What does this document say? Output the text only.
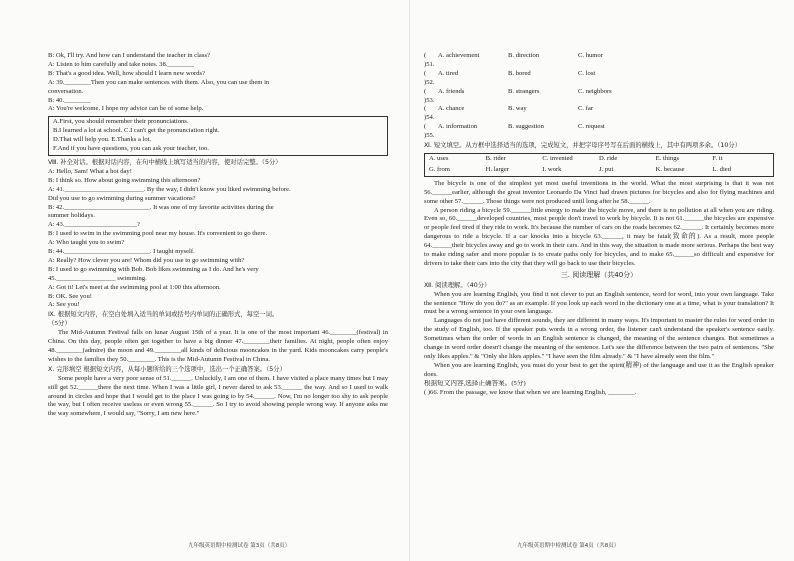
B: Ok, I'll try. And how can I understand the teacher in class?
A: Listen to him carefully and take notes. 38.________
B: That's a good idea. Well, how should I learn new words?
A: 39.________Then you can make sentences with them. Also, you can use them in
conversation.
B: 40.________
A: You're welcome. I hope my advice can be of some help.
A.First, you should remember their pronunciations.
B.I learned a lot at school. C.I can't get the pronunciation right.
D.That will help you. E.Thanks a lot.
F.And if you have questions, you can ask your teacher, too.
Ⅷ. 补全对话。根据对话内容，在句中横线上填写适当的内容，使对话完整。（5分）
A: Hello, Sam! What a hot day!
B: I think so. How about going swimming this afternoon?
A: 41.________________________. By the way, I didn't know you liked swimming before.
Did you use to go swimming during summer vacations?
B: 42.__________________________. It was one of my favorite activities during the
summer holidays.
A: 43.______________________?
B: I used to swim in the swimming pool near my house. It's convenient to go there.
A: Who taught you to swim?
B: 44.__________________________. I taught myself.
A: Really? How clever you are! Whom did you use to go swimming with?
B: I used to go swimming with Bob. Bob likes swimming as I do. And he's very
45.__________________ swimming.
A: Got it! Let's meet at the swimming pool at 1:00 this afternoon.
B: OK. See you!
A: See you!
Ⅸ. 根据短文内容，在空白处填入适当的单词或括号内单词的正确形式，每空一词。
（5分）
The Mid-Autumn Festival falls on lunar August 15th of a year. It is one of the most important 46.________(festival) in China. On this day, people often get together to have a big dinner 47.________their families. At night, people often enjoy 48.________(admire) the moon and 49.________all kinds of delicious mooncakes in the yard. Kids mooncakes carry people's wishes to the families they 50.________. This is the Mid-Autumn Festival in China.
Ⅹ. 完形填空 根据短文内容，从每小题所给的三个选项中，选出一个正确答案。（5分）
Some people have a very poor sense of 51.______. Unluckily, I am one of them. I have visited a place many times but I may still get 52.______there the next time. When I was a little girl, I never dared to ask 53.______ the way. And so I used to walk around in circles and hope that I would get to the place I was going to by 54.______. Now, I'm no longer too shy to ask people the way, but I often receive useless or even wrong 55.______. So I try to avoid showing people wrong way. If anyone asks me the way somewhere, I would say, "Sorry, I am new here."
九年级英语期中检测试卷 第3页（共8页）
( )51.
A. achievement	B. direction	C. humor
( )52.
A. tired	B. bored	C. lost
( )53.
A. friends	B. strangers	C. neighbors
( )54.
A. chance	B. way	C. far
( )55.
A. information	B. suggestion	C. request
Ⅺ. 短文填空。从方框中选择适当的选项，完成短文，并把字母序号写在后面的横线上，其中有两项多余。（10分）
A. uses	B. rider	C. invented	D. ride	E. things	F. it
G. from	H. larger	I. work	J. put	K. because	L. died
The bicycle is one of the simplest yet most useful inventions in the world. What the most surprising is that it was not 56.______earlier, although the great inventor Leonardo Da Vinci had drawn pictures for bicycles and also for flying machines and some other 57.______. Those things were not produced until long after he 58.______.
A person riding a bicycle 59.______little energy to make the bicycle move, and there is no pollution at all when you are riding. Even so, 60.______developed countries, most people don't travel to work by bicycle. It is not 61.______the bicycles are expensive or people feel tired if they ride to work. It's because the number of cars on the roads becomes 62.______. It certainly becomes more dangerous to ride a bicycle. If a car knocks into a bicycle 63.______, it may be fatal(致命的). As a result, more people 64.______their bicycles away and go to work in their cars. And in this way, the situation is made more serious. Perhaps the best way to make riding safer and more popular is to create paths only for bicycles, and to make 65.______so difficult and expensive for drivers to take their cars into the city that they will go back to use their bicycles.
三. 阅读理解（共40分）
Ⅻ. 阅读理解。（40分）
When you are learning English, you find it not clever to put an English sentence, word for word, into your own language. Take the sentence "How do you do?" as an example. If you look up each word in the dictionary one at a time, what is your translation? It must be a wrong sentence in your own language.
Languages do not just have different sounds, they are different in many ways. It's important to master the rules for word order in the study of English, too. If the speaker puts words in a wrong order, the listener can't understand the speaker's sentence easily. Sometimes when the order of words in an English sentence is changed, the meaning of the sentence changes. But sometimes a change in word order doesn't change the meaning of the sentence. Let's see the difference between the two pairs of sentences. "She only likes apples." & "Only she likes apples." "I have seen the film already." & "I have already seen the film."
When you are learning English, you must do your best to get the spirit(精神) of the language and use it as the English speaker does.
根据短文内容,选择正确答案。(5分)
( )66. From the passage, we know that when we are learning English, ________.
九年级英语期中检测试卷 第4页（共8页）
